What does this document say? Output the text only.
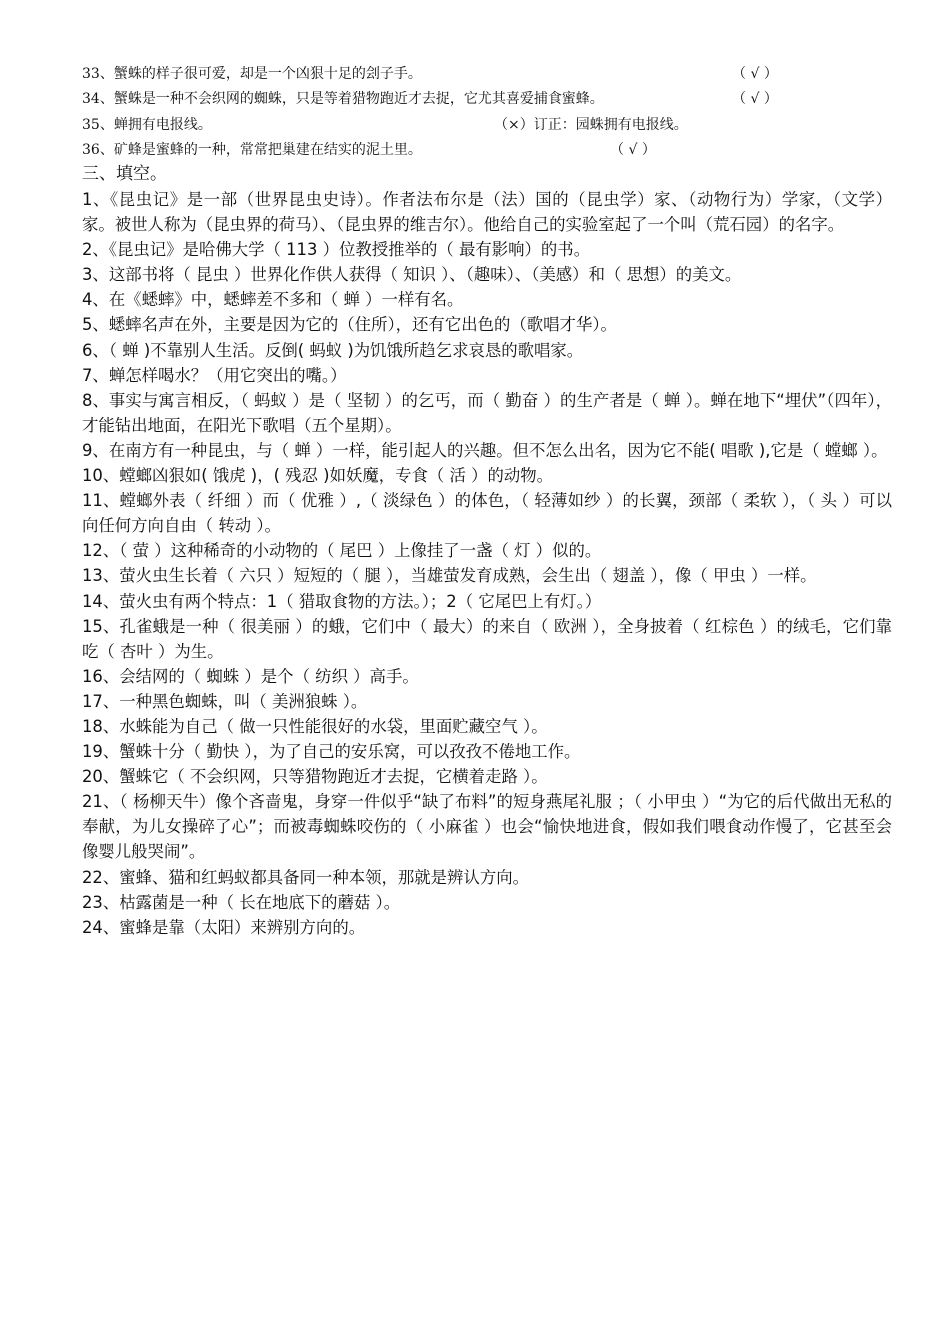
33、蟹蛛的样子很可爱，却是一个凶狠十足的刽子手。	（ √ ）
34、蟹蛛是一种不会织网的蜘蛛，只是等着猎物跑近才去捉，它尤其喜爱捕食蜜蜂。	（ √ ）
35、蝉拥有电报线。	（×）订正：园蛛拥有电报线。
36、矿蜂是蜜蜂的一种，常常把巢建在结实的泥土里。	（ √ ）
三、填空。

1、《昆虫记》是一部（世界昆虫史诗）。作者法布尔是（法）国的（昆虫学）家、（动物行为）学家，（文学）家。被世人称为（昆虫界的荷马）、（昆虫界的维吉尔）。他给自己的实验室起了一个叫（荒石园）的名字。

2、《昆虫记》是哈佛大学（ 113 ）位教授推举的（ 最有影响）的书。

3、这部书将（ 昆虫 ）世界化作供人获得（ 知识 ）、（趣味）、（美感）和（ 思想）的美文。

4、在《蟋蟀》中，蟋蟀差不多和（ 蝉 ）一样有名。

5、蟋蟀名声在外，主要是因为它的（住所），还有它出色的（歌唱才华）。

6、（ 蝉 )不靠别人生活。反倒( 蚂蚁 )为饥饿所趋乞求哀恳的歌唱家。

7、蝉怎样喝水？（用它突出的嘴。）

8、事实与寓言相反，（ 蚂蚁 ）是（ 坚韧 ）的乞丐，而（ 勤奋 ）的生产者是（ 蝉 ）。蝉在地下“埋伏”（四年），才能钻出地面，在阳光下歌唱（五个星期）。

9、在南方有一种昆虫，与（ 蝉 ）一样，能引起人的兴趣。但不怎么出名，因为它不能( 唱歌 ),它是（ 螳螂 ）。

10、螳螂凶狠如( 饿虎 )，( 残忍 )如妖魔，专食（ 活 ）的动物。

11、螳螂外表（ 纤细 ）而（ 优雅 ）,（ 淡绿色 ）的体色，（ 轻薄如纱 ）的长翼，颈部（ 柔软 ），（ 头 ）可以向任何方向自由（ 转动 ）。

12、（ 萤 ）这种稀奇的小动物的（ 尾巴 ）上像挂了一盏（ 灯 ）似的。

13、萤火虫生长着（ 六只 ）短短的（ 腿 ），当雄萤发育成熟，会生出（ 翅盖 ），像（ 甲虫 ）一样。

14、萤火虫有两个特点：1（ 猎取食物的方法。）；2（ 它尾巴上有灯。）

15、孔雀蛾是一种（ 很美丽 ）的蛾，它们中（ 最大）的来自（ 欧洲 ），全身披着（ 红棕色 ）的绒毛，它们靠吃（ 杏叶 ）为生。

16、会结网的（ 蜘蛛 ）是个（ 纺织 ）高手。

17、一种黑色蜘蛛，叫（ 美洲狼蛛 ）。

18、水蛛能为自己（ 做一只性能很好的水袋，里面贮藏空气 ）。

19、蟹蛛十分（ 勤快 ），为了自己的安乐窝，可以孜孜不倦地工作。

20、蟹蛛它（ 不会织网，只等猎物跑近才去捉，它横着走路 ）。

21、（ 杨柳天牛）像个吝啬鬼，身穿一件似乎“缺了布料”的短身燕尾礼服 ；（ 小甲虫 ）“为它的后代做出无私的奉献，为儿女操碎了心”；而被毒蜘蛛咬伤的（ 小麻雀 ）也会“愉快地进食，假如我们喂食动作慢了，它甚至会像婴儿般哭闹”。

22、蜜蜂、猫和红蚂蚁都具备同一种本领，那就是辨认方向。

23、枯露菌是一种（ 长在地底下的蘑菇 ）。

24、蜜蜂是靠（太阳）来辨别方向的。
